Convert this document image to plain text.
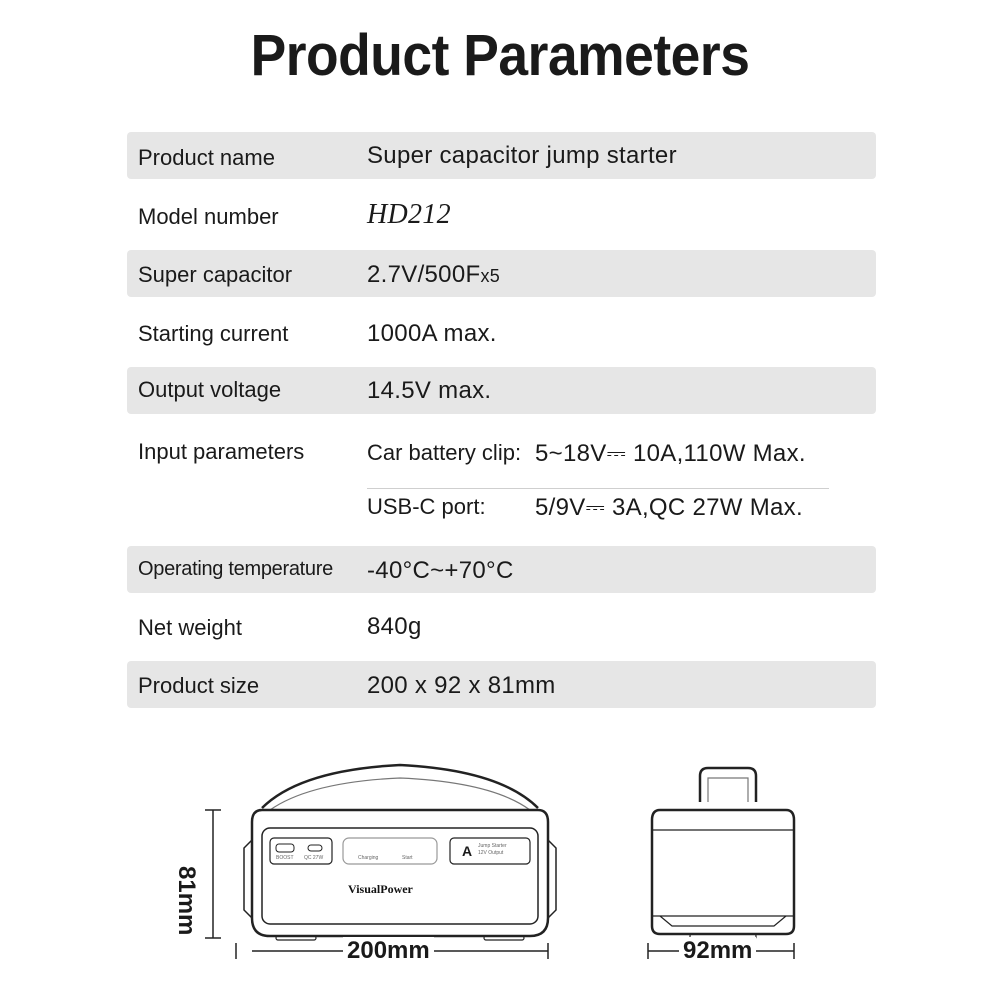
Product Parameters
Product name	Super capacitor jump starter
Model number	HD212
Super capacitor	2.7V/500Fx5
Starting current	1000A max.
Output voltage	14.5V max.
Input parameters	Car battery clip: 5~18V⎓ 10A,110W Max.
USB-C port: 5/9V⎓ 3A,QC 27W Max.
Operating temperature -40°C~+70°C
Net weight	840g
Product size	200 x 92 x 81mm
BOOST QC 27W	Charging	Start	A Jump Starter
12V Output
VisualPower
81mm
200mm	92mm
